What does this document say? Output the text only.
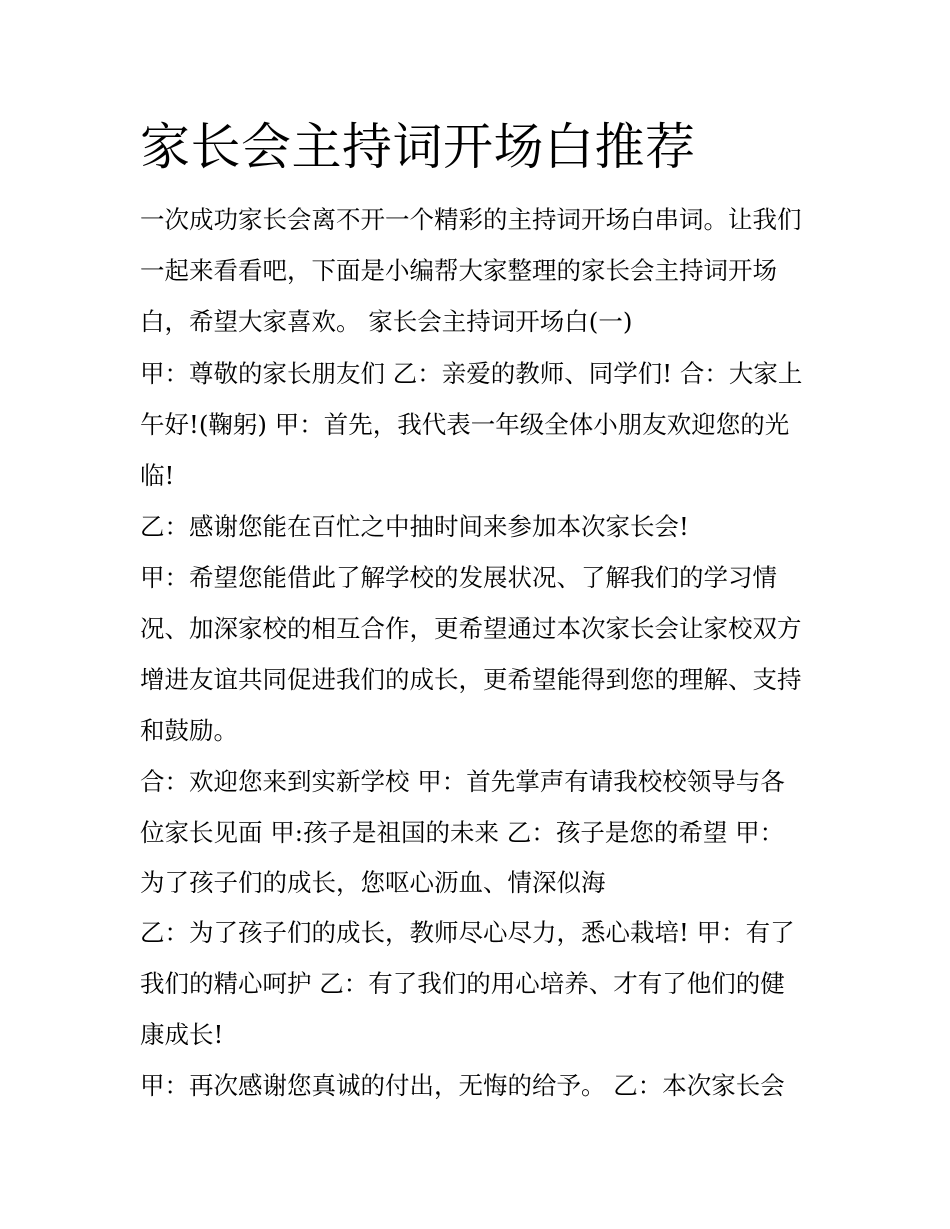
家长会主持词开场白推荐

一次成功家长会离不开一个精彩的主持词开场白串词。让我们

一起来看看吧，下面是小编帮大家整理的家长会主持词开场

白，希望大家喜欢。 家长会主持词开场白(一)

甲：尊敬的家长朋友们 乙：亲爱的教师、同学们! 合：大家上

午好!(鞠躬) 甲：首先，我代表一年级全体小朋友欢迎您的光

临!

乙：感谢您能在百忙之中抽时间来参加本次家长会!

甲：希望您能借此了解学校的发展状况、了解我们的学习情

况、加深家校的相互合作，更希望通过本次家长会让家校双方

增进友谊共同促进我们的成长，更希望能得到您的理解、支持

和鼓励。

合：欢迎您来到实新学校 甲：首先掌声有请我校校领导与各

位家长见面 甲:孩子是祖国的未来 乙：孩子是您的希望 甲：

为了孩子们的成长，您呕心沥血、情深似海

乙：为了孩子们的成长，教师尽心尽力，悉心栽培! 甲：有了

我们的精心呵护 乙：有了我们的用心培养、才有了他们的健

康成长!

甲：再次感谢您真诚的付出，无悔的给予。 乙：本次家长会
